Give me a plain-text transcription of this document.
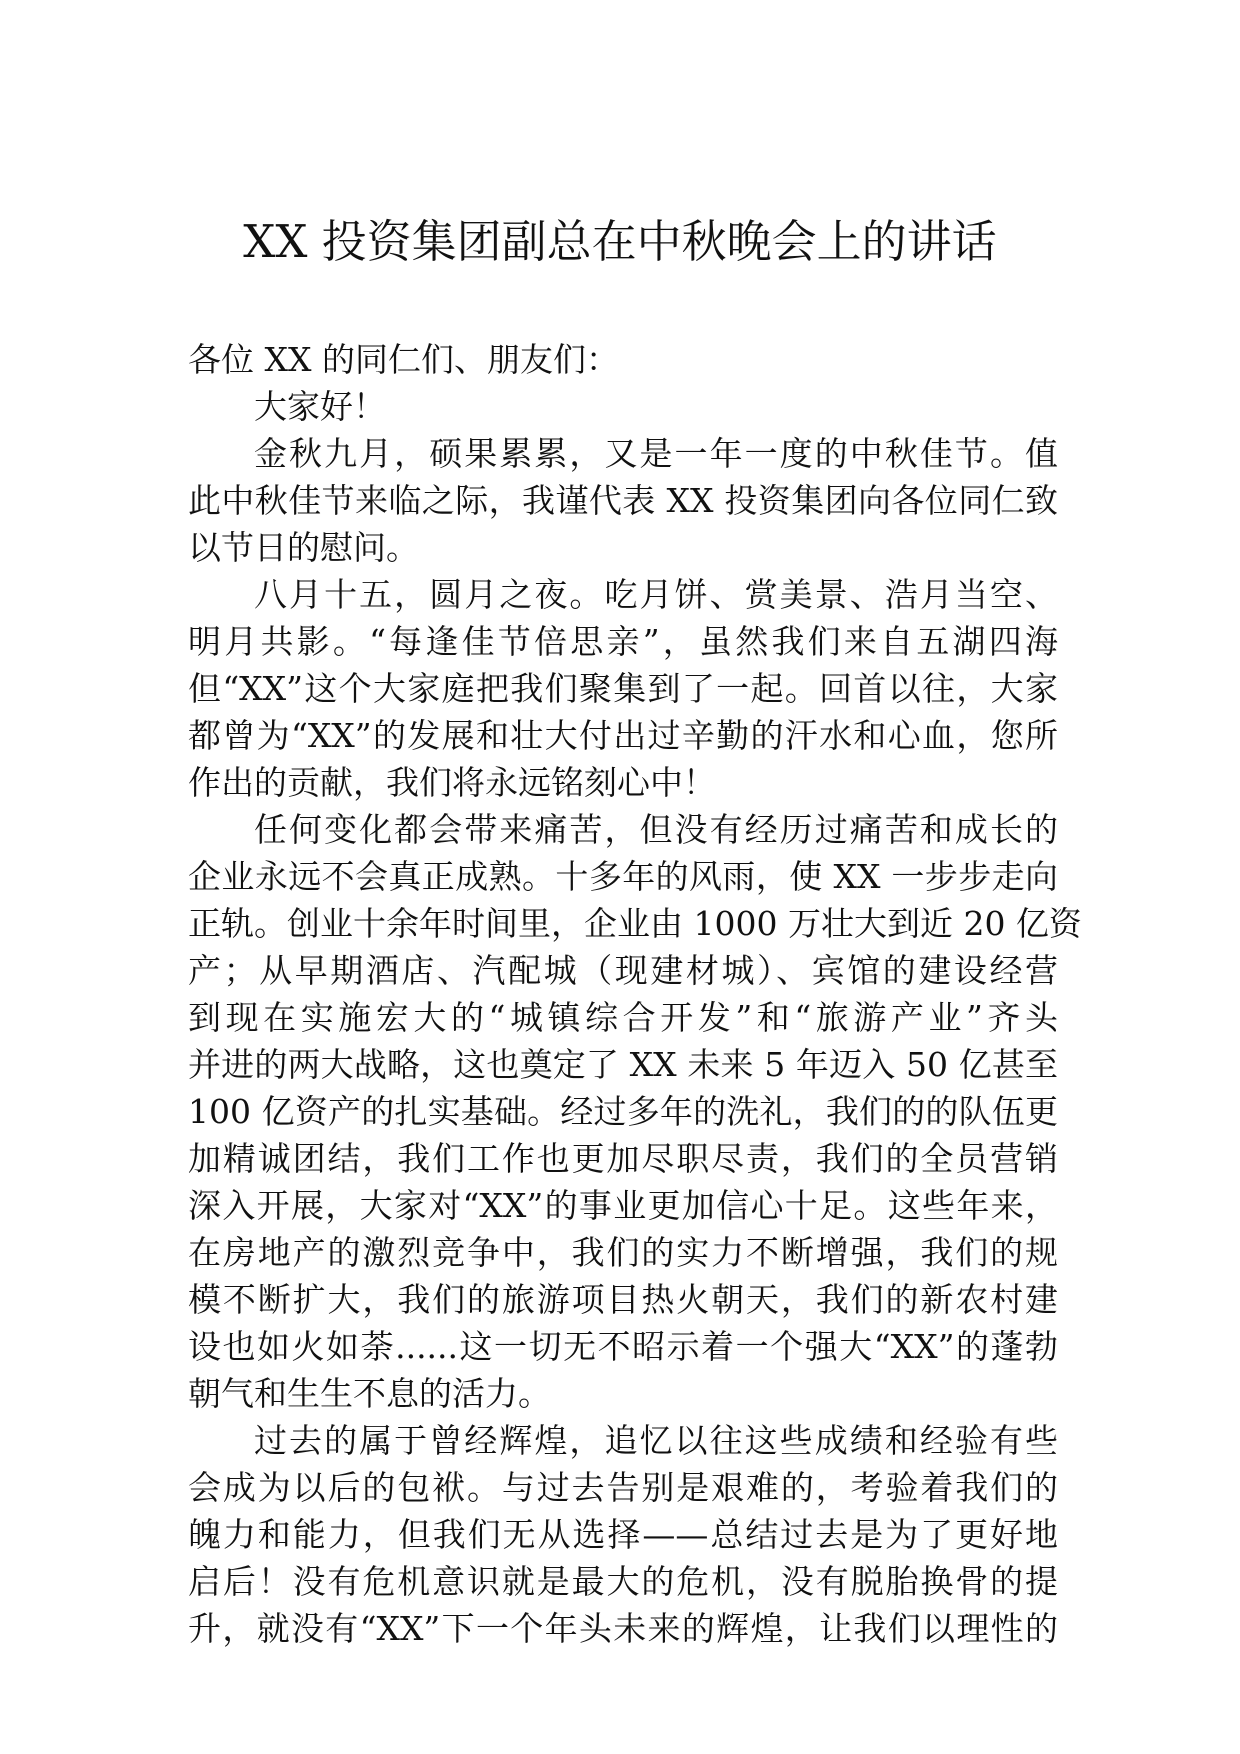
XX 投资集团副总在中秋晚会上的讲话
各位 XX 的同仁们、朋友们：
大家好！
金秋九月，硕果累累，又是一年一度的中秋佳节。值
此中秋佳节来临之际，我谨代表 XX 投资集团向各位同仁致
以节日的慰问。
八月十五，圆月之夜。吃月饼、赏美景、浩月当空、
明月共影。“每逢佳节倍思亲”，虽然我们来自五湖四海
但“XX”这个大家庭把我们聚集到了一起。回首以往，大家
都曾为“XX”的发展和壮大付出过辛勤的汗水和心血，您所
作出的贡献，我们将永远铭刻心中！
任何变化都会带来痛苦，但没有经历过痛苦和成长的
企业永远不会真正成熟。十多年的风雨，使 XX 一步步走向
正轨。创业十余年时间里，企业由 1000 万壮大到近 20 亿资
产；从早期酒店、汽配城（现建材城）、宾馆的建设经营
到现在实施宏大的“城镇综合开发”和“旅游产业”齐头
并进的两大战略，这也奠定了 XX 未来 5 年迈入 50 亿甚至
100 亿资产的扎实基础。经过多年的洗礼，我们的的队伍更
加精诚团结，我们工作也更加尽职尽责，我们的全员营销
深入开展，大家对“XX”的事业更加信心十足。这些年来，
在房地产的激烈竞争中，我们的实力不断增强，我们的规
模不断扩大，我们的旅游项目热火朝天，我们的新农村建
设也如火如荼......这一切无不昭示着一个强大“XX”的蓬勃
朝气和生生不息的活力。
过去的属于曾经辉煌，追忆以往这些成绩和经验有些
会成为以后的包袱。与过去告别是艰难的，考验着我们的
魄力和能力，但我们无从选择——总结过去是为了更好地
启后！没有危机意识就是最大的危机，没有脱胎换骨的提
升，就没有“XX”下一个年头未来的辉煌，让我们以理性的
